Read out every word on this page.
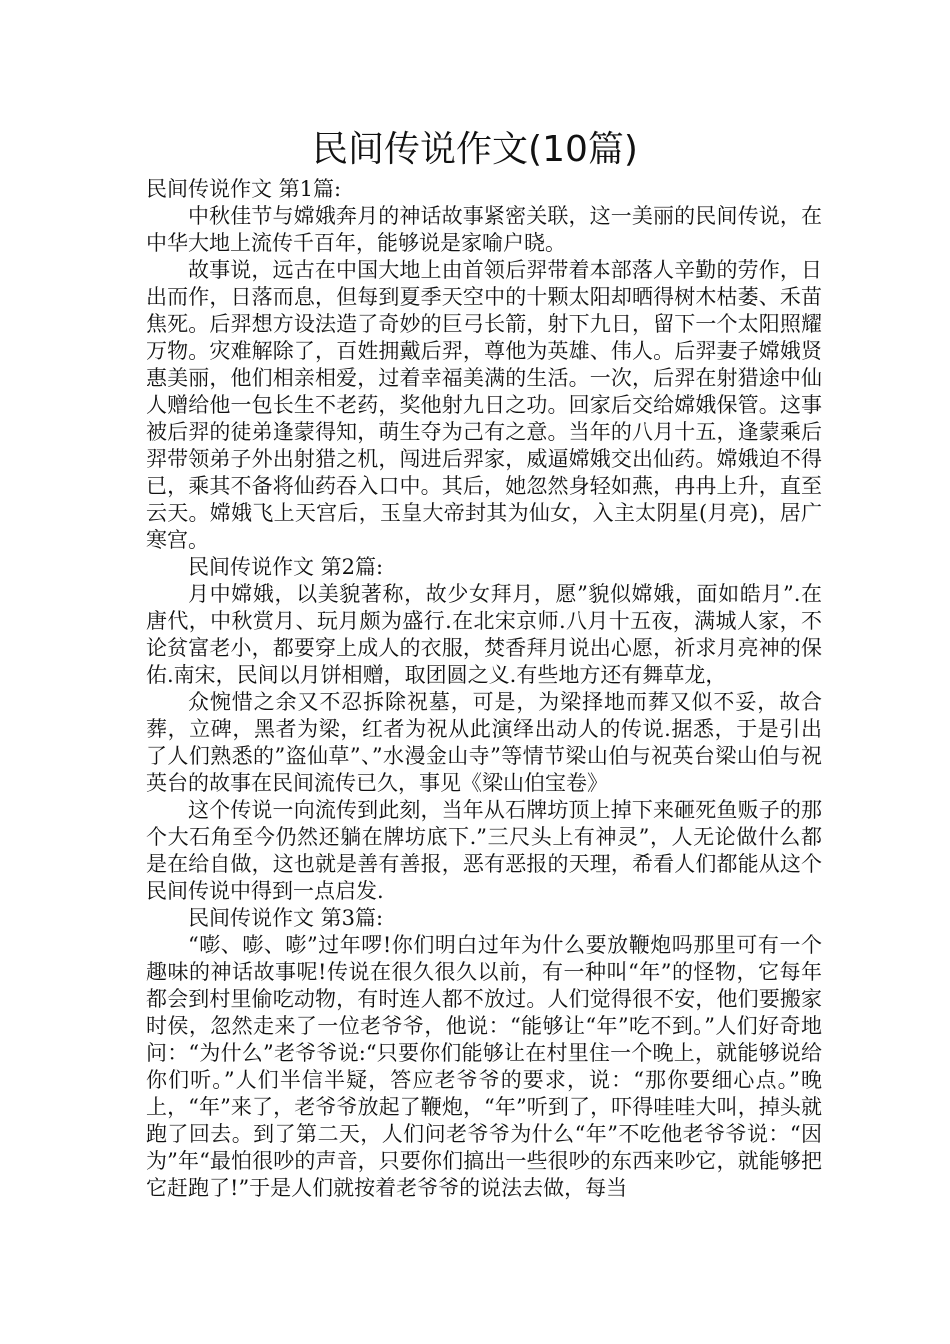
民间传说作文(10篇)

民间传说作文 第1篇:

中秋佳节与嫦娥奔月的神话故事紧密关联，这一美丽的民间传说，在中华大地上流传千百年，能够说是家喻户晓。

故事说，远古在中国大地上由首领后羿带着本部落人辛勤的劳作，日出而作，日落而息，但每到夏季天空中的十颗太阳却晒得树木枯萎、禾苗焦死。后羿想方设法造了奇妙的巨弓长箭，射下九日，留下一个太阳照耀万物。灾难解除了，百姓拥戴后羿，尊他为英雄、伟人。后羿妻子嫦娥贤惠美丽，他们相亲相爱，过着幸福美满的生活。一次，后羿在射猎途中仙人赠给他一包长生不老药，奖他射九日之功。回家后交给嫦娥保管。这事被后羿的徒弟逢蒙得知，萌生夺为己有之意。当年的八月十五，逢蒙乘后羿带领弟子外出射猎之机，闯进后羿家，威逼嫦娥交出仙药。嫦娥迫不得已，乘其不备将仙药吞入口中。其后，她忽然身轻如燕，冉冉上升，直至云天。嫦娥飞上天宫后，玉皇大帝封其为仙女，入主太阴星(月亮)，居广寒宫。

民间传说作文 第2篇:

月中嫦娥，以美貌著称，故少女拜月，愿”貌似嫦娥，面如皓月”.在唐代，中秋赏月、玩月颇为盛行.在北宋京师.八月十五夜，满城人家，不论贫富老小，都要穿上成人的衣服，焚香拜月说出心愿，祈求月亮神的保佑.南宋，民间以月饼相赠，取团圆之义.有些地方还有舞草龙，

众惋惜之余又不忍拆除祝墓，可是，为梁择地而葬又似不妥，故合葬，立碑，黑者为梁，红者为祝从此演绎出动人的传说.据悉，于是引出了人们熟悉的”盗仙草”、”水漫金山寺”等情节梁山伯与祝英台梁山伯与祝英台的故事在民间流传已久，事见《梁山伯宝卷》

这个传说一向流传到此刻，当年从石牌坊顶上掉下来砸死鱼贩子的那个大石角至今仍然还躺在牌坊底下.”三尺头上有神灵”，人无论做什么都是在给自做，这也就是善有善报，恶有恶报的天理，希看人们都能从这个民间传说中得到一点启发.

民间传说作文 第3篇:

“嘭、嘭、嘭”过年啰!你们明白过年为什么要放鞭炮吗那里可有一个趣味的神话故事呢!传说在很久很久以前，有一种叫“年”的怪物，它每年都会到村里偷吃动物，有时连人都不放过。人们觉得很不安，他们要搬家时侯，忽然走来了一位老爷爷，他说：“能够让“年”吃不到。”人们好奇地问：“为什么”老爷爷说:“只要你们能够让在村里住一个晚上，就能够说给你们听。”人们半信半疑，答应老爷爷的要求，说：“那你要细心点。”晚上，“年”来了，老爷爷放起了鞭炮，“年”听到了，吓得哇哇大叫，掉头就跑了回去。到了第二天，人们问老爷爷为什么“年”不吃他老爷爷说：“因为”年“最怕很吵的声音，只要你们搞出一些很吵的东西来吵它，就能够把它赶跑了!”于是人们就按着老爷爷的说法去做，每当
